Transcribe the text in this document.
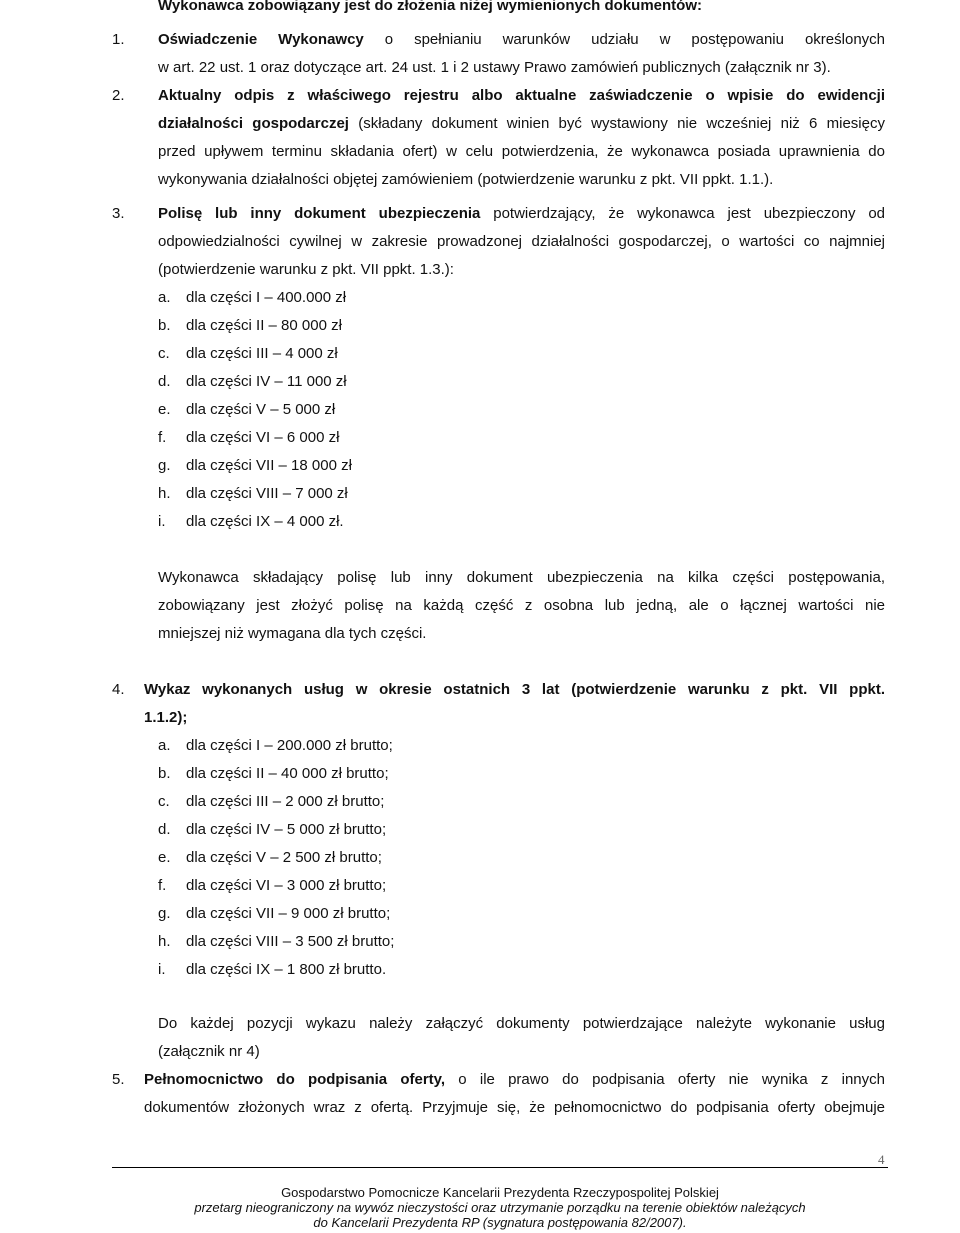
Wykonawca zobowiązany jest do złożenia niżej wymienionych dokumentów:
1. Oświadczenie Wykonawcy o spełnianiu warunków udziału w postępowaniu określonych
w art. 22 ust. 1 oraz dotyczące art. 24 ust. 1 i 2 ustawy Prawo zamówień publicznych (załącznik nr 3).
2. Aktualny odpis z właściwego rejestru albo aktualne zaświadczenie o wpisie do ewidencji
działalności gospodarczej (składany dokument winien być wystawiony nie wcześniej niż 6 miesięcy
przed upływem terminu składania ofert) w celu potwierdzenia, że wykonawca posiada uprawnienia do
wykonywania działalności objętej zamówieniem (potwierdzenie warunku z pkt. VII ppkt. 1.1.).
3. Polisę lub inny dokument ubezpieczenia potwierdzający, że wykonawca jest ubezpieczony od
odpowiedzialności cywilnej w zakresie prowadzonej działalności gospodarczej, o wartości co najmniej
(potwierdzenie warunku z pkt. VII ppkt. 1.3.):
a. dla części I – 400.000 zł
b. dla części II – 80 000 zł
c. dla części III – 4 000 zł
d. dla części IV – 11 000 zł
e. dla części V – 5 000 zł
f. dla części VI – 6 000 zł
g. dla części VII – 18 000 zł
h. dla części VIII – 7 000 zł
i. dla części IX – 4 000 zł.
Wykonawca składający polisę lub inny dokument ubezpieczenia na kilka części postępowania,
zobowiązany jest złożyć polisę na każdą część z osobna lub jedną, ale o łącznej wartości nie
mniejszej niż wymagana dla tych części.
4. Wykaz wykonanych usług w okresie ostatnich 3 lat (potwierdzenie warunku z pkt. VII ppkt.
1.1.2);
a. dla części I – 200.000 zł brutto;
b. dla części II – 40 000 zł brutto;
c. dla części III – 2 000 zł brutto;
d. dla części IV – 5 000 zł brutto;
e. dla części V – 2 500 zł brutto;
f. dla części VI – 3 000 zł brutto;
g. dla części VII – 9 000 zł brutto;
h. dla części VIII – 3 500 zł brutto;
i. dla części IX – 1 800 zł brutto.
Do każdej pozycji wykazu należy załączyć dokumenty potwierdzające należyte wykonanie usług
(załącznik nr 4)
5. Pełnomocnictwo do podpisania oferty, o ile prawo do podpisania oferty nie wynika z innych
dokumentów złożonych wraz z ofertą. Przyjmuje się, że pełnomocnictwo do podpisania oferty obejmuje
4
Gospodarstwo Pomocnicze Kancelarii Prezydenta Rzeczypospolitej Polskiej
przetarg nieograniczony na wywóz nieczystości oraz utrzymanie porządku na terenie obiektów należących
do Kancelarii Prezydenta RP (sygnatura postępowania 82/2007).
